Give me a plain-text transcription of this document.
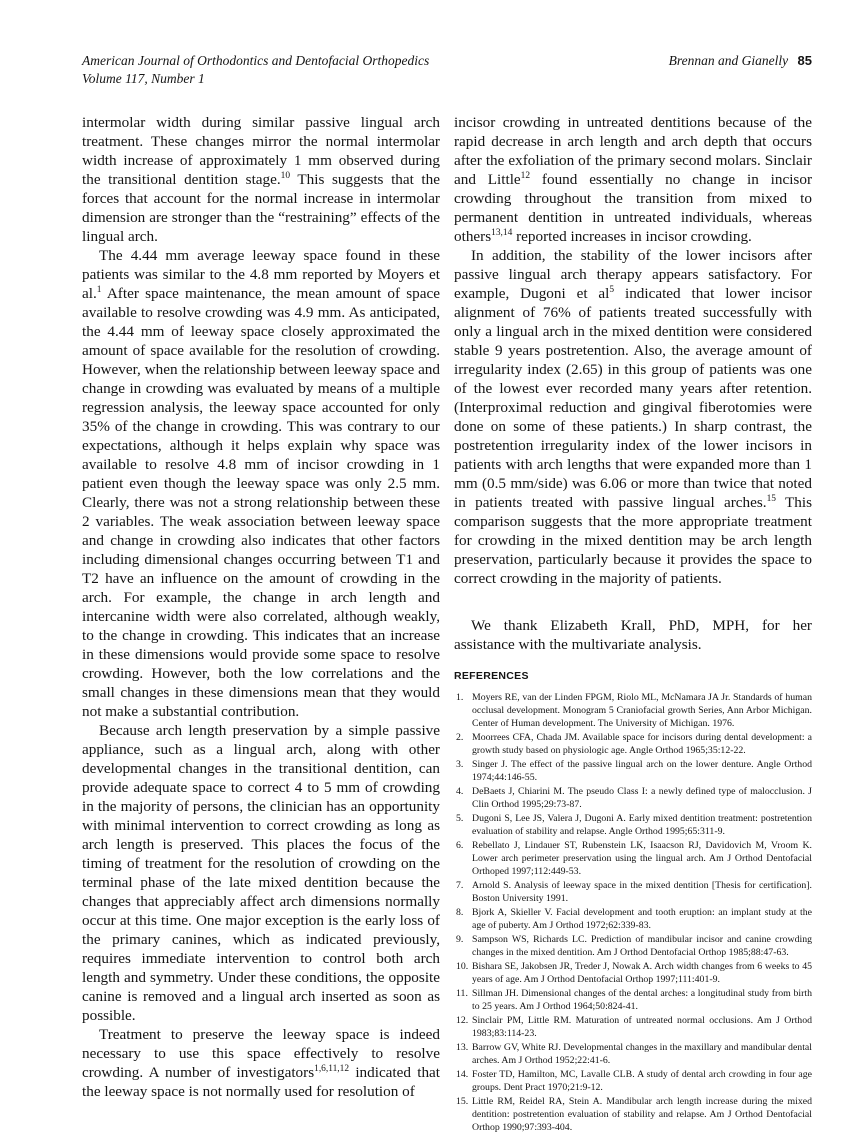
American Journal of Orthodontics and Dentofacial Orthopedics
Volume 117, Number 1
Brennan and Gianelly 85

intermolar width during similar passive lingual arch treatment. These changes mirror the normal intermolar width increase of approximately 1 mm observed during the transitional dentition stage.$^{10}$ This suggests that the forces that account for the normal increase in intermolar dimension are stronger than the “restraining” effects of the lingual arch.

The 4.44 mm average leeway space found in these patients was similar to the 4.8 mm reported by Moyers et al.$^1$ After space maintenance, the mean amount of space available to resolve crowding was 4.9 mm. As anticipated, the 4.44 mm of leeway space closely approximated the amount of space available for the resolution of crowding. However, when the relationship between leeway space and change in crowding was evaluated by means of a multiple regression analysis, the leeway space accounted for only 35% of the change in crowding. This was contrary to our expectations, although it helps explain why space was available to resolve 4.8 mm of incisor crowding in 1 patient even though the leeway space was only 2.5 mm. Clearly, there was not a strong relationship between these 2 variables. The weak association between leeway space and change in crowding also indicates that other factors including dimensional changes occurring between T1 and T2 have an influence on the amount of crowding in the arch. For example, the change in arch length and intercanine width were also correlated, although weakly, to the change in crowding. This indicates that an increase in these dimensions would provide some space to resolve crowding. However, both the low correlations and the small changes in these dimensions mean that they would not make a substantial contribution.

Because arch length preservation by a simple passive appliance, such as a lingual arch, along with other developmental changes in the transitional dentition, can provide adequate space to correct 4 to 5 mm of crowding in the majority of persons, the clinician has an opportunity with minimal intervention to correct crowding as long as arch length is preserved. This places the focus of the timing of treatment for the resolution of crowding on the terminal phase of the late mixed dentition because the changes that appreciably affect arch dimensions normally occur at this time. One major exception is the early loss of the primary canines, which as indicated previously, requires immediate intervention to control both arch length and symmetry. Under these conditions, the opposite canine is removed and a lingual arch inserted as soon as possible.

Treatment to preserve the leeway space is indeed necessary to use this space effectively to resolve crowding. A number of investigators$^{1,6,11,12}$ indicated that the leeway space is not normally used for resolution of

incisor crowding in untreated dentitions because of the rapid decrease in arch length and arch depth that occurs after the exfoliation of the primary second molars. Sinclair and Little$^{12}$ found essentially no change in incisor crowding throughout the transition from mixed to permanent dentition in untreated individuals, whereas others$^{13,14}$ reported increases in incisor crowding.

In addition, the stability of the lower incisors after passive lingual arch therapy appears satisfactory. For example, Dugoni et $al^5$ indicated that lower incisor alignment of 76% of patients treated successfully with only a lingual arch in the mixed dentition were considered stable 9 years postretention. Also, the average amount of irregularity index (2.65) in this group of patients was one of the lowest ever recorded many years after retention. (Interproximal reduction and gingival fiberotomies were done on some of these patients.) In sharp contrast, the postretention irregularity index of the lower incisors in patients with arch lengths that were expanded more than 1 mm (0.5 mm/side) was 6.06 or more than twice that noted in patients treated with passive lingual arches.$^{15}$ This comparison suggests that the more appropriate treatment for crowding in the mixed dentition may be arch length preservation, particularly because it provides the space to correct crowding in the majority of patients.

We thank Elizabeth Krall, PhD, MPH, for her assistance with the multivariate analysis.

REFERENCES
Moyers RE, van der Linden FPGM, Riolo ML, McNamara JA Jr. Standards of human occlusal development. Monogram 5 Craniofacial growth Series, Ann Arbor Michigan. Center of Human development. The University of Michigan. 1976.
Moorrees CFA, Chada JM. Available space for incisors during dental development: a growth study based on physiologic age. Angle Orthod 1965;35:12-22.
Singer J. The effect of the passive lingual arch on the lower denture. Angle Orthod 1974;44:146-55.
DeBaets J, Chiarini M. The pseudo Class I: a newly defined type of malocclusion. J Clin Orthod 1995;29:73-87.
Dugoni S, Lee JS, Valera J, Dugoni A. Early mixed dentition treatment: postretention evaluation of stability and relapse. Angle Orthod 1995;65:311-9.
Rebellato J, Lindauer ST, Rubenstein LK, Isaacson RJ, Davidovich M, Vroom K. Lower arch perimeter preservation using the lingual arch. Am J Orthod Dentofacial Orthoped 1997;112:449-53.
Arnold S. Analysis of leeway space in the mixed dentition [Thesis for certification]. Boston University 1991.
Bjork A, Skieller V. Facial development and tooth eruption: an implant study at the age of puberty. Am J Orthod 1972;62:339-83.
Sampson WS, Richards LC. Prediction of mandibular incisor and canine crowding changes in the mixed dentition. Am J Orthod Dentofacial Orthop 1985;88:47-63.
Bishara SE, Jakobsen JR, Treder J, Nowak A. Arch width changes from 6 weeks to 45 years of age. Am J Orthod Dentofacial Orthop 1997;111:401-9.
Sillman JH. Dimensional changes of the dental arches: a longitudinal study from birth to 25 years. Am J Orthod 1964;50:824-41.
Sinclair PM, Little RM. Maturation of untreated normal occlusions. Am J Orthod 1983;83:114-23.
Barrow GV, White RJ. Developmental changes in the maxillary and mandibular dental arches. Am J Orthod 1952;22:41-6.
Foster TD, Hamilton, MC, Lavalle CLB. A study of dental arch crowding in four age groups. Dent Pract 1970;21:9-12.
Little RM, Reidel RA, Stein A. Mandibular arch length increase during the mixed dentition: postretention evaluation of stability and relapse. Am J Orthod Dentofacial Orthop 1990;97:393-404.
